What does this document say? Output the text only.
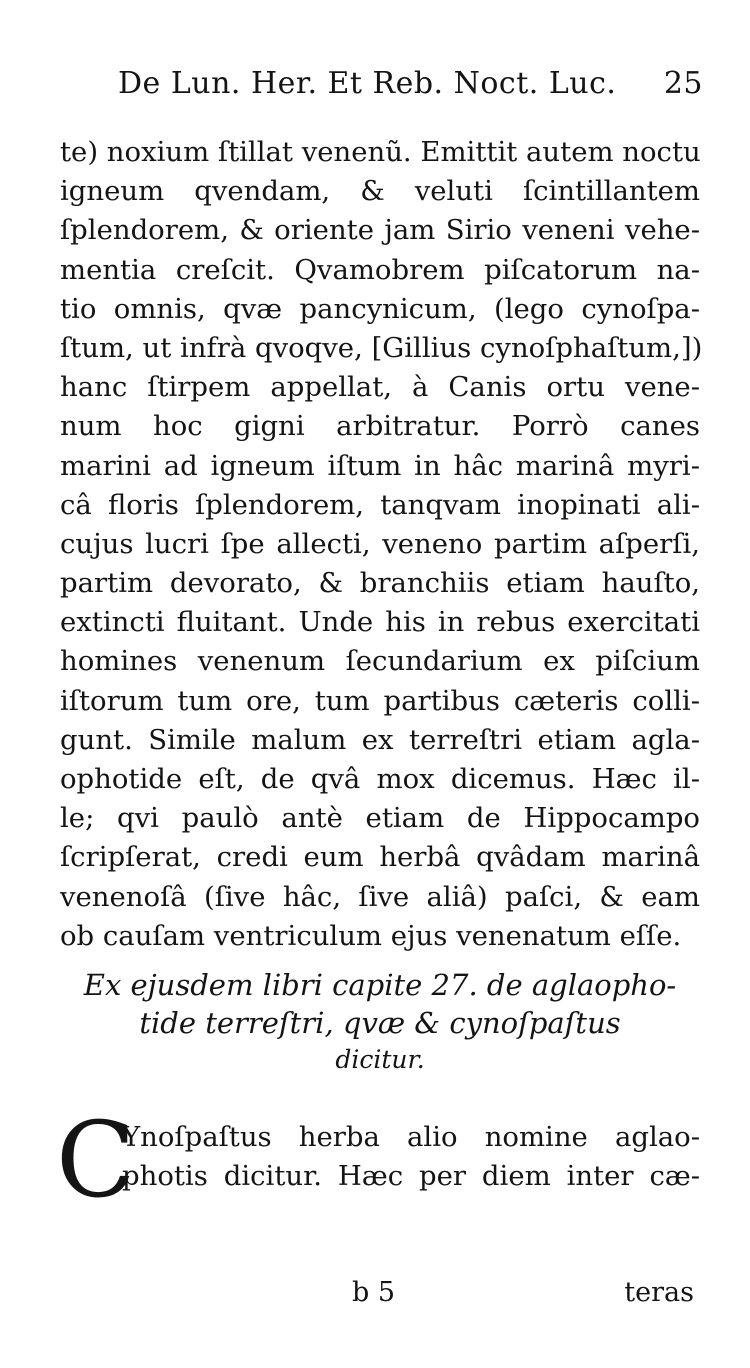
De Lun. Her. Et Reb. Noct. Luc. 25
te) noxium ſtillat venenũ. Emittit autem noctu
igneum qvendam, & veluti ſcintillantem
ſplendorem, & oriente jam Sirio veneni vehe-
mentia creſcit. Qvamobrem piſcatorum na-
tio omnis, qvæ pancynicum, (lego cynoſpa-
ſtum, ut infrà qvoqve, [Gillius cynoſphaſtum,])
hanc ſtirpem appellat, à Canis ortu vene-
num hoc gigni arbitratur. Porrò canes
marini ad igneum iſtum in hâc marinâ myri-
câ floris ſplendorem, tanqvam inopinati ali-
cujus lucri ſpe allecti, veneno partim aſperſi,
partim devorato, & branchiis etiam hauſto,
extincti fluitant. Unde his in rebus exercitati
homines venenum ſecundarium ex piſcium
iſtorum tum ore, tum partibus cæteris colli-
gunt. Simile malum ex terreſtri etiam agla-
ophotide eſt, de qvâ mox dicemus. Hæc il-
le; qvi paulò antè etiam de Hippocampo
ſcripſerat, credi eum herbâ qvâdam marinâ
venenoſâ (ſive hâc, ſive aliâ) paſci, & eam
ob cauſam ventriculum ejus venenatum eſſe.
Ex ejusdem libri capite 27. de aglaopho-
tide terreſtri, qvæ & cynoſpaſtus
dicitur.
C
Ynoſpaſtus herba alio nomine aglao-
photis dicitur. Hæc per diem inter cæ-
b 5	teras
